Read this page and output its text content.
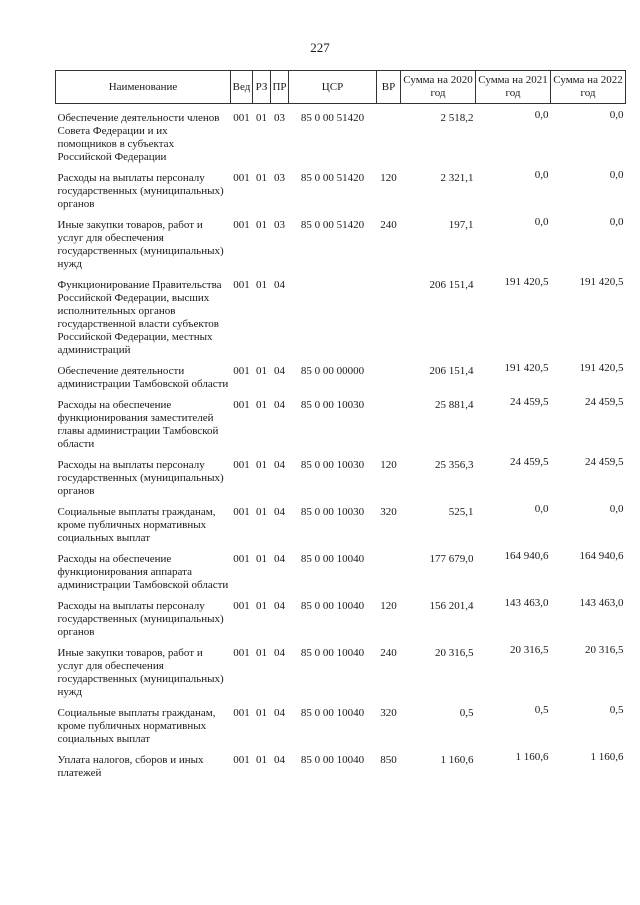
227
Наименование	Вед	РЗ	ПР	ЦСР	ВР	Сумма на 2020 год	Сумма на 2021 год	Сумма на 2022 год
Обеспечение деятельности членов Совета Федерации и их помощников в субъектах Российской Федерации	001	01	03	85 0 00 51420		2 518,2	0,0	0,0
Расходы на выплаты персоналу государственных (муниципальных) органов	001	01	03	85 0 00 51420	120	2 321,1	0,0	0,0
Иные закупки товаров, работ и услуг для обеспечения государственных (муниципальных) нужд	001	01	03	85 0 00 51420	240	197,1	0,0	0,0
Функционирование Правительства Российской Федерации, высших исполнительных органов государственной власти субъектов Российской Федерации, местных администраций	001	01	04			206 151,4	191 420,5	191 420,5
Обеспечение деятельности администрации Тамбовской области	001	01	04	85 0 00 00000		206 151,4	191 420,5	191 420,5
Расходы на обеспечение функционирования заместителей главы администрации Тамбовской области	001	01	04	85 0 00 10030		25 881,4	24 459,5	24 459,5
Расходы на выплаты персоналу государственных (муниципальных) органов	001	01	04	85 0 00 10030	120	25 356,3	24 459,5	24 459,5
Социальные выплаты гражданам, кроме публичных нормативных социальных выплат	001	01	04	85 0 00 10030	320	525,1	0,0	0,0
Расходы на обеспечение функционирования аппарата администрации Тамбовской области	001	01	04	85 0 00 10040		177 679,0	164 940,6	164 940,6
Расходы на выплаты персоналу государственных (муниципальных) органов	001	01	04	85 0 00 10040	120	156 201,4	143 463,0	143 463,0
Иные закупки товаров, работ и услуг для обеспечения государственных (муниципальных) нужд	001	01	04	85 0 00 10040	240	20 316,5	20 316,5	20 316,5
Социальные выплаты гражданам, кроме публичных нормативных социальных выплат	001	01	04	85 0 00 10040	320	0,5	0,5	0,5
Уплата налогов, сборов и иных платежей	001	01	04	85 0 00 10040	850	1 160,6	1 160,6	1 160,6
